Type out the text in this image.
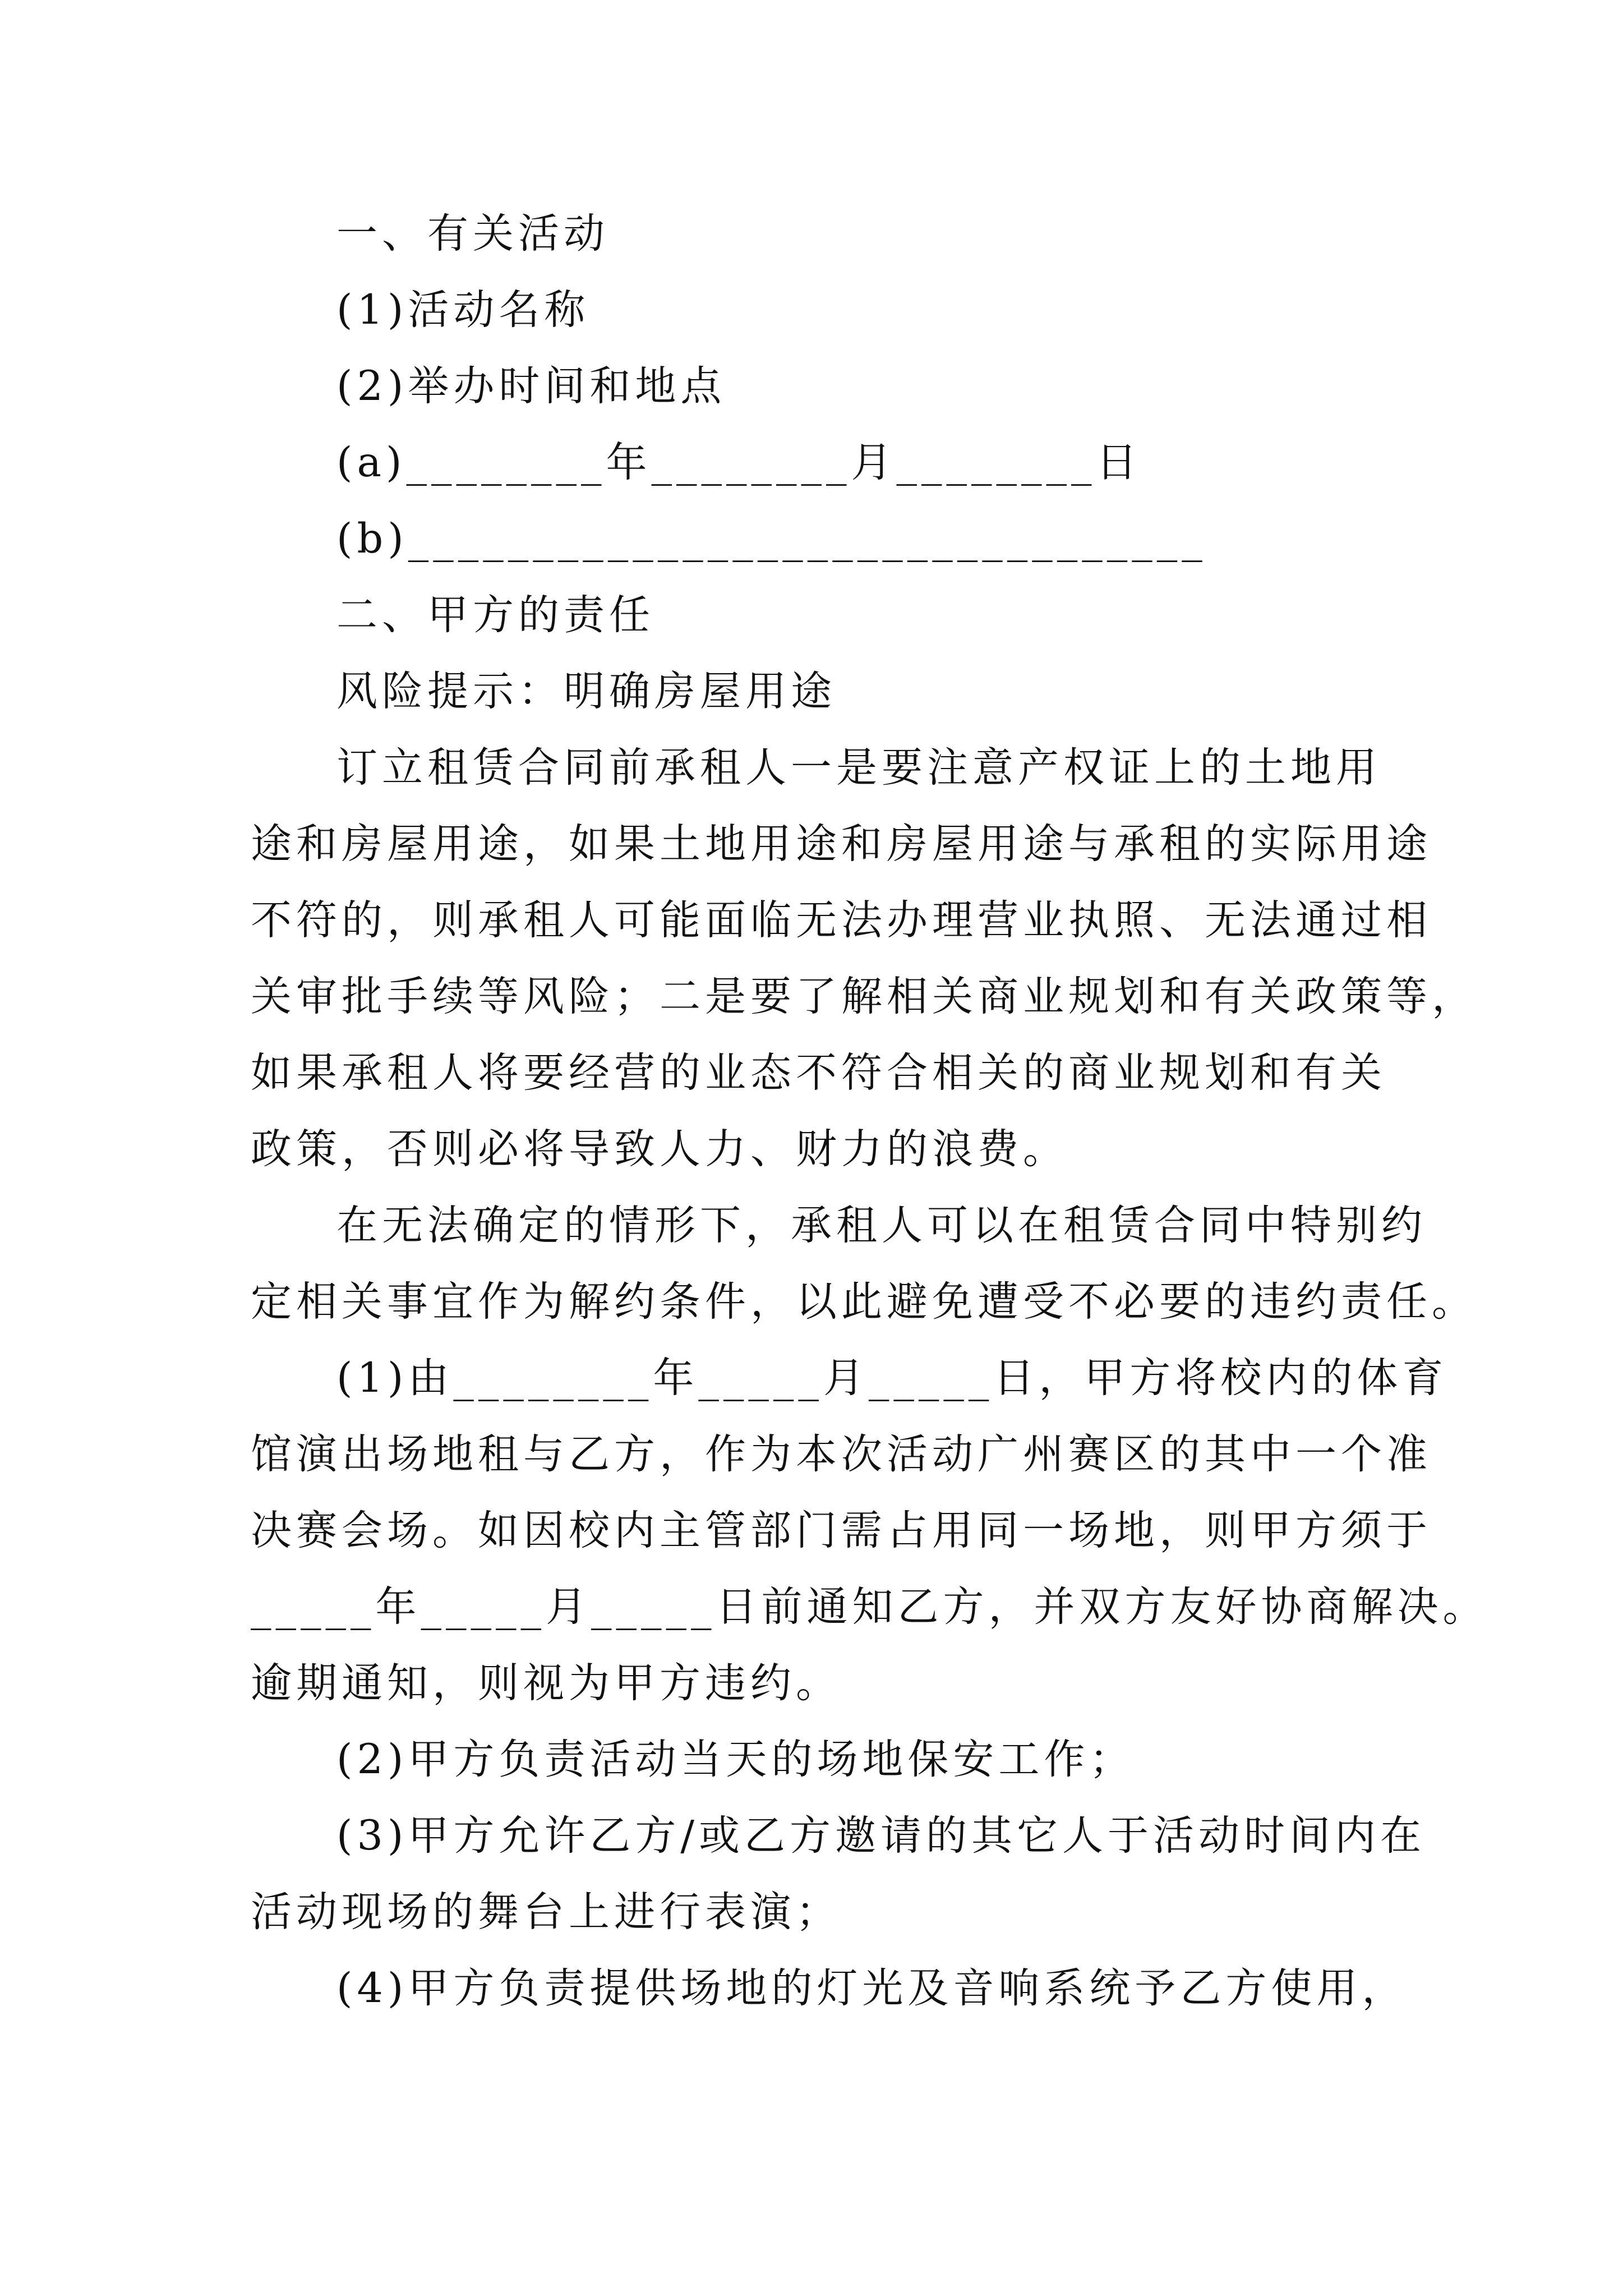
一、有关活动
(1)活动名称
(2)举办时间和地点
(a)________年________月________日
(b)________________________________
二、甲方的责任
风险提示：明确房屋用途
订立租赁合同前承租人一是要注意产权证上的土地用
途和房屋用途，如果土地用途和房屋用途与承租的实际用途
不符的，则承租人可能面临无法办理营业执照、无法通过相
关审批手续等风险；二是要了解相关商业规划和有关政策等，
如果承租人将要经营的业态不符合相关的商业规划和有关
政策，否则必将导致人力、财力的浪费。
在无法确定的情形下，承租人可以在租赁合同中特别约
定相关事宜作为解约条件，以此避免遭受不必要的违约责任。
(1)由________年_____月_____日，甲方将校内的体育
馆演出场地租与乙方，作为本次活动广州赛区的其中一个准
决赛会场。如因校内主管部门需占用同一场地，则甲方须于
_____年_____月_____日前通知乙方，并双方友好协商解决。
逾期通知，则视为甲方违约。
(2)甲方负责活动当天的场地保安工作；
(3)甲方允许乙方/或乙方邀请的其它人于活动时间内在
活动现场的舞台上进行表演；
(4)甲方负责提供场地的灯光及音响系统予乙方使用，
